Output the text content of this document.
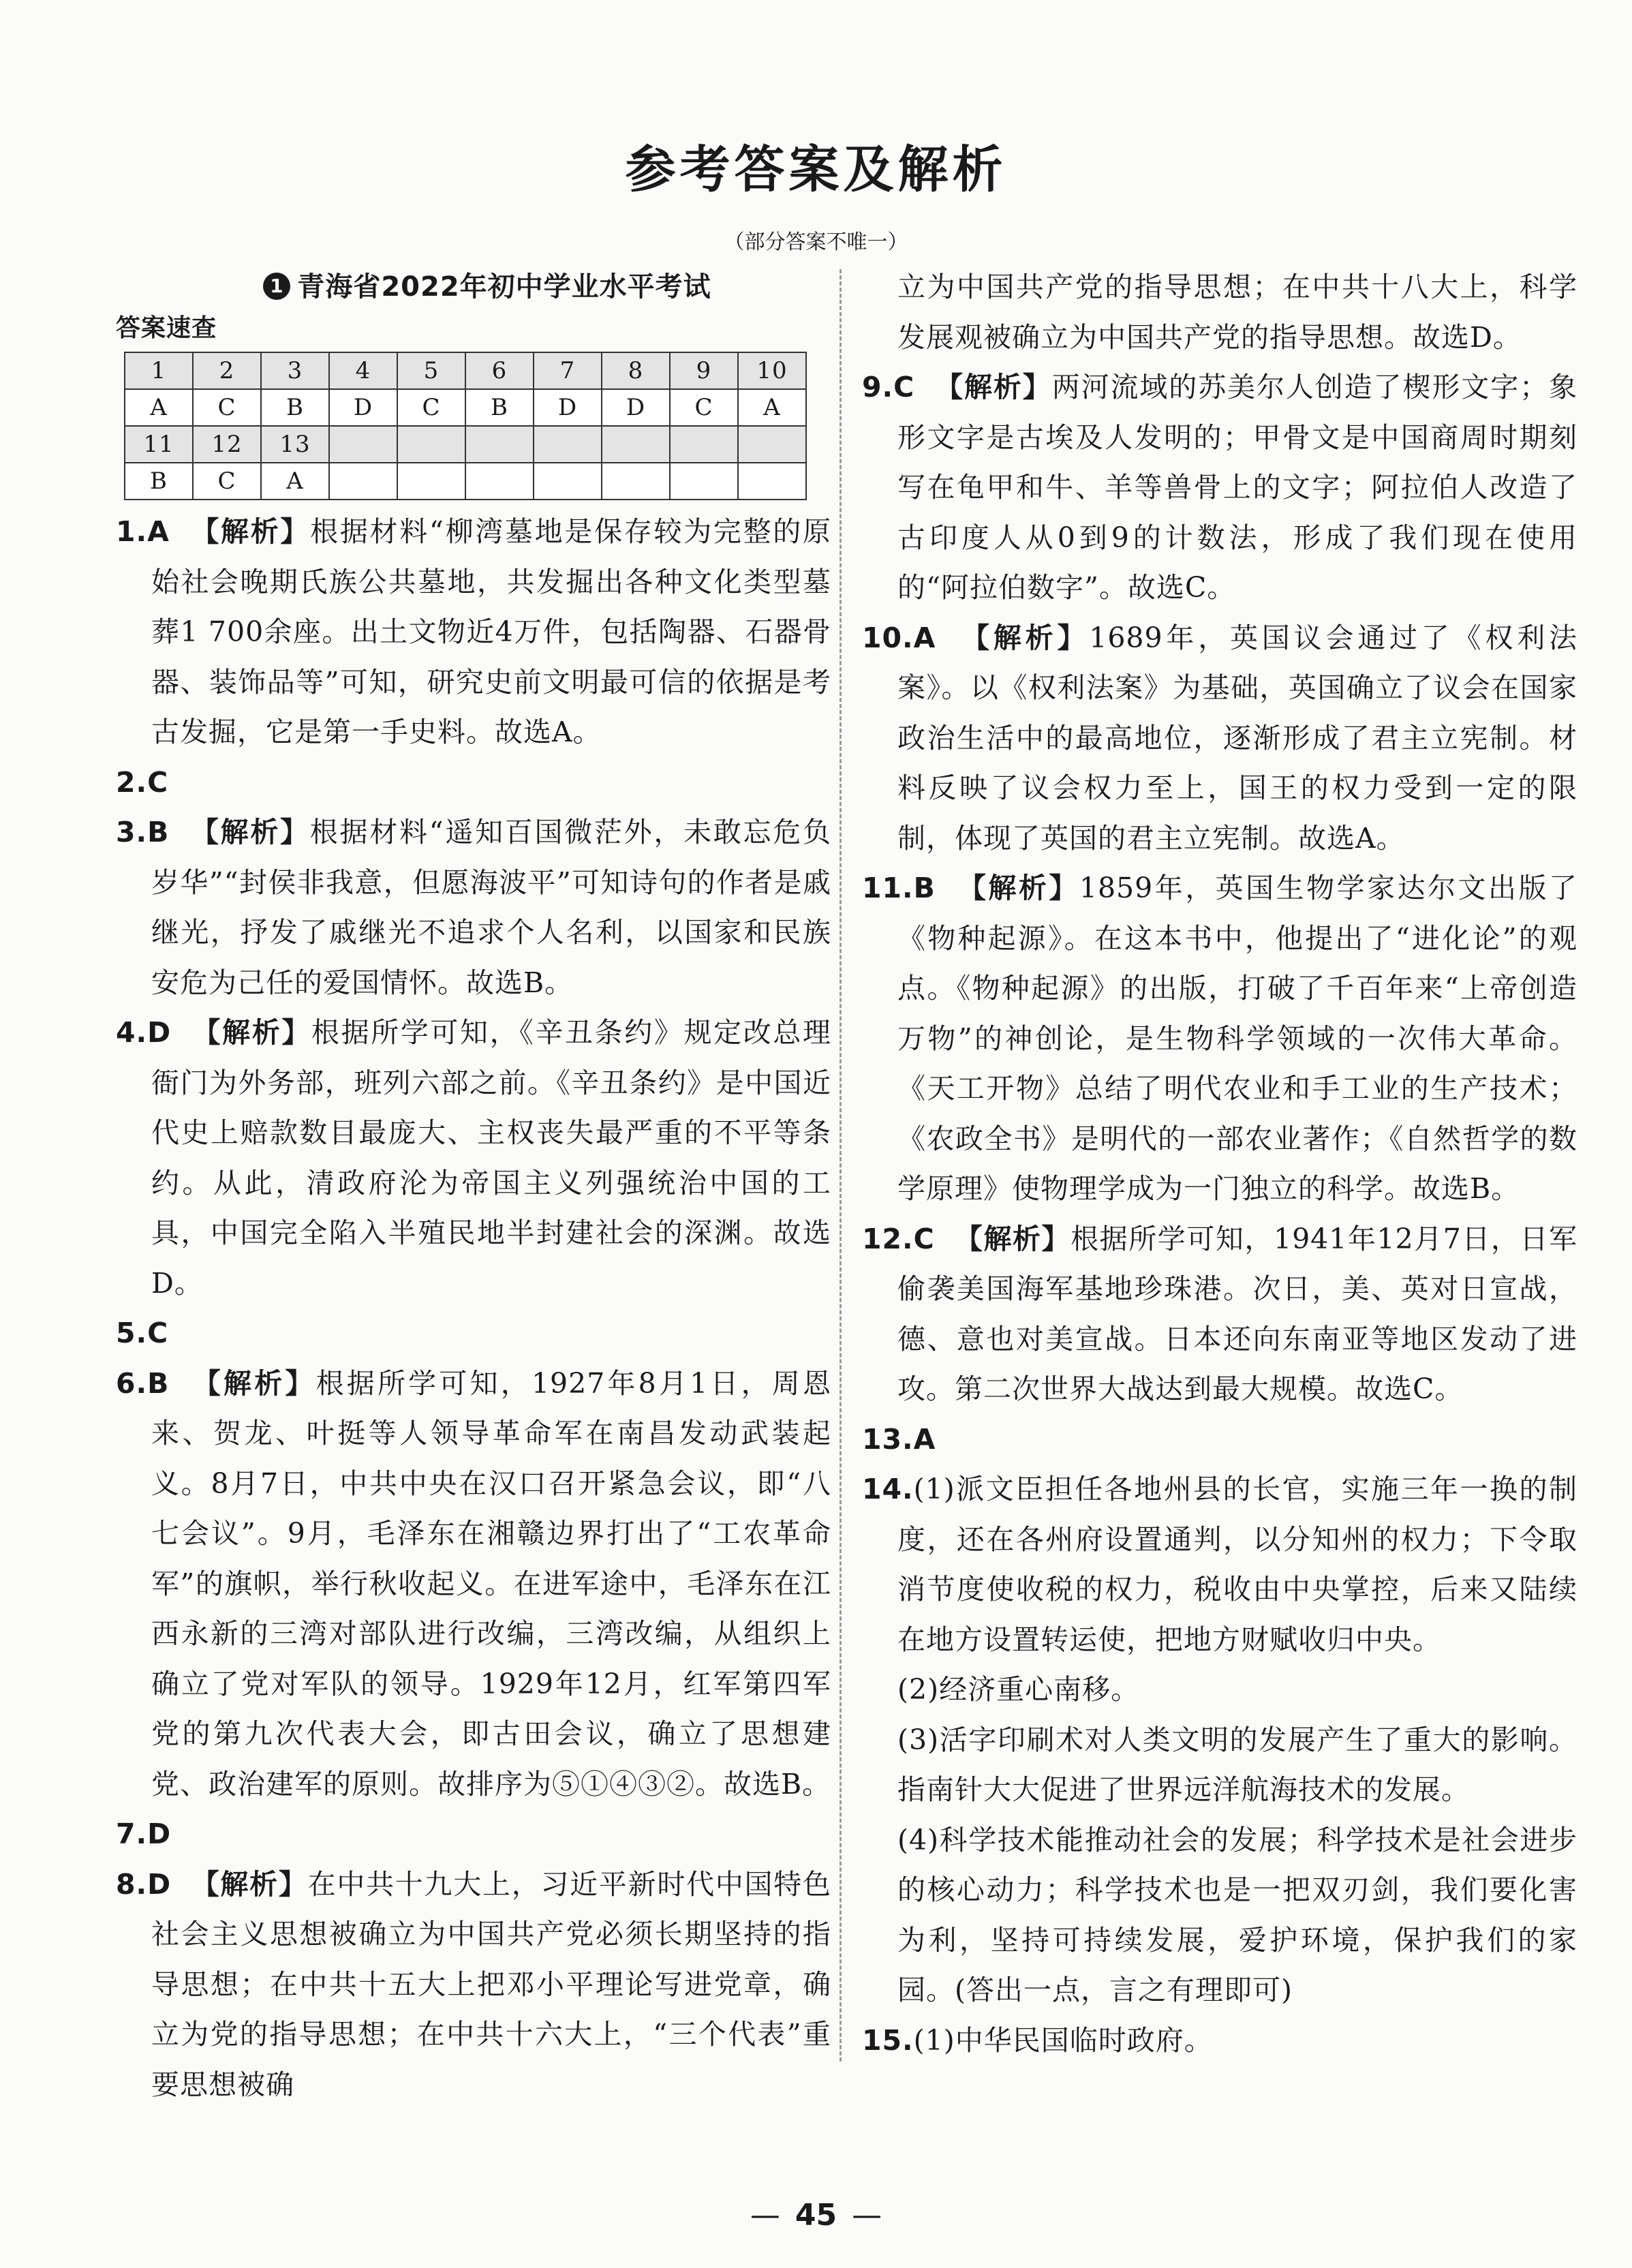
参考答案及解析
（部分答案不唯一）
1 青海省2022年初中学业水平考试
答案速查
1	2	3	4	5	6	7	8	9	10
A	C	B	D	C	B	D	D	C	A
11	12	13							
B	C	A							
1.A 【解析】根据材料“柳湾墓地是保存较为完整的原始社会晚期氏族公共墓地，共发掘出各种文化类型墓葬1 700余座。出土文物近4万件，包括陶器、石器骨器、装饰品等”可知，研究史前文明最可信的依据是考古发掘，它是第一手史料。故选A。
2.C
3.B 【解析】根据材料“遥知百国微茫外，未敢忘危负岁华”“封侯非我意，但愿海波平”可知诗句的作者是戚继光，抒发了戚继光不追求个人名利，以国家和民族安危为己任的爱国情怀。故选B。
4.D 【解析】根据所学可知，《辛丑条约》规定改总理衙门为外务部，班列六部之前。《辛丑条约》是中国近代史上赔款数目最庞大、主权丧失最严重的不平等条约。从此，清政府沦为帝国主义列强统治中国的工具，中国完全陷入半殖民地半封建社会的深渊。故选D。
5.C
6.B 【解析】根据所学可知，1927年8月1日，周恩来、贺龙、叶挺等人领导革命军在南昌发动武装起义。8月7日，中共中央在汉口召开紧急会议，即“八七会议”。9月，毛泽东在湘赣边界打出了“工农革命军”的旗帜，举行秋收起义。在进军途中，毛泽东在江西永新的三湾对部队进行改编，三湾改编，从组织上确立了党对军队的领导。1929年12月，红军第四军党的第九次代表大会，即古田会议，确立了思想建党、政治建军的原则。故排序为⑤①④③②。故选B。
7.D
8.D 【解析】在中共十九大上，习近平新时代中国特色社会主义思想被确立为中国共产党必须长期坚持的指导思想；在中共十五大上把邓小平理论写进党章，确立为党的指导思想；在中共十六大上，“三个代表”重要思想被确
立为中国共产党的指导思想；在中共十八大上，科学发展观被确立为中国共产党的指导思想。故选D。
9.C 【解析】两河流域的苏美尔人创造了楔形文字；象形文字是古埃及人发明的；甲骨文是中国商周时期刻写在龟甲和牛、羊等兽骨上的文字；阿拉伯人改造了古印度人从0到9的计数法，形成了我们现在使用的“阿拉伯数字”。故选C。
10.A 【解析】1689年，英国议会通过了《权利法案》。以《权利法案》为基础，英国确立了议会在国家政治生活中的最高地位，逐渐形成了君主立宪制。材料反映了议会权力至上，国王的权力受到一定的限制，体现了英国的君主立宪制。故选A。
11.B 【解析】1859年，英国生物学家达尔文出版了《物种起源》。在这本书中，他提出了“进化论”的观点。《物种起源》的出版，打破了千百年来“上帝创造万物”的神创论，是生物科学领域的一次伟大革命。《天工开物》总结了明代农业和手工业的生产技术；《农政全书》是明代的一部农业著作；《自然哲学的数学原理》使物理学成为一门独立的科学。故选B。
12.C 【解析】根据所学可知，1941年12月7日，日军偷袭美国海军基地珍珠港。次日，美、英对日宣战，德、意也对美宣战。日本还向东南亚等地区发动了进攻。第二次世界大战达到最大规模。故选C。
13.A
14.(1)派文臣担任各地州县的长官，实施三年一换的制度，还在各州府设置通判，以分知州的权力；下令取消节度使收税的权力，税收由中央掌控，后来又陆续在地方设置转运使，把地方财赋收归中央。
(2)经济重心南移。
(3)活字印刷术对人类文明的发展产生了重大的影响。指南针大大促进了世界远洋航海技术的发展。
(4)科学技术能推动社会的发展；科学技术是社会进步的核心动力；科学技术也是一把双刃剑，我们要化害为利，坚持可持续发展，爱护环境，保护我们的家园。(答出一点，言之有理即可)
15.(1)中华民国临时政府。
— 45 —
